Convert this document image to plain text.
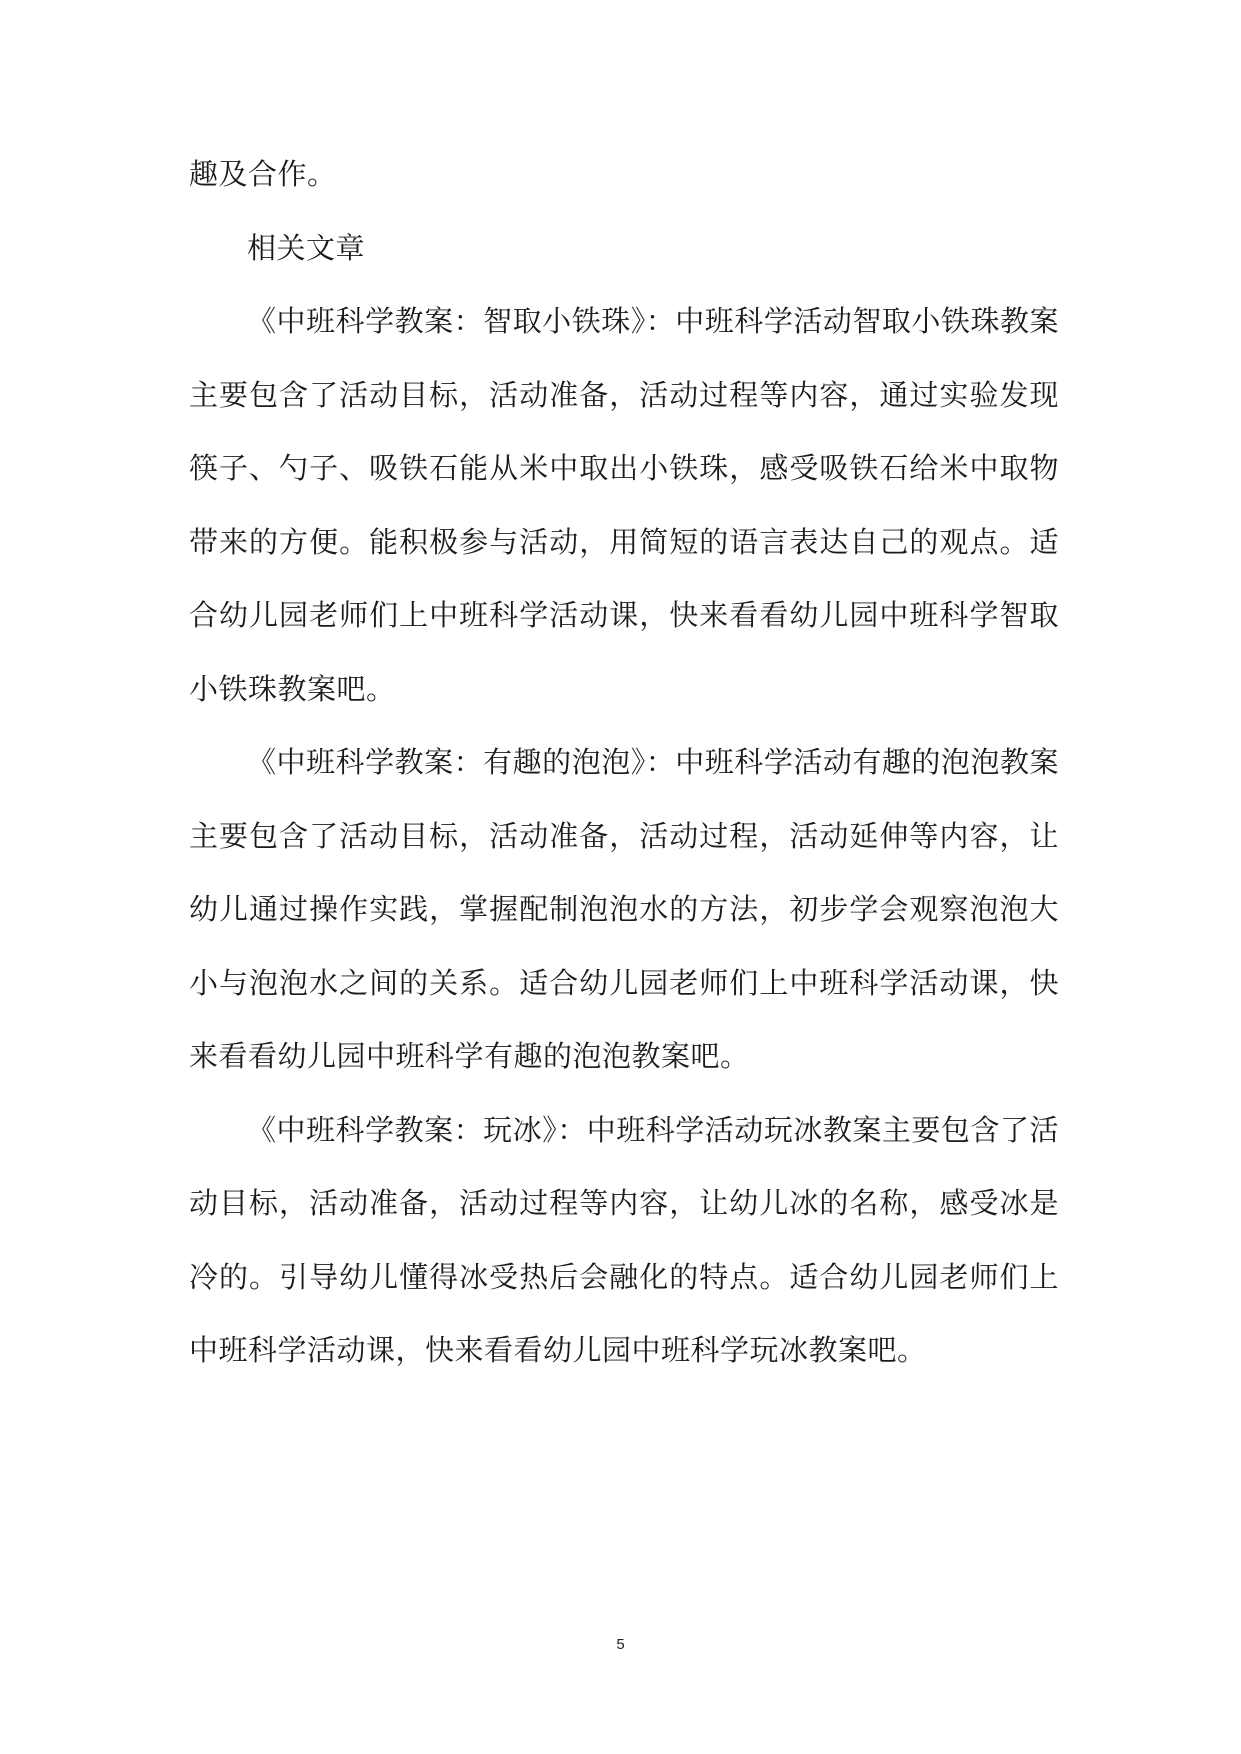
趣及合作。

相关文章

《中班科学教案：智取小铁珠》：中班科学活动智取小铁珠教案主要包含了活动目标，活动准备，活动过程等内容，通过实验发现筷子、勺子、吸铁石能从米中取出小铁珠，感受吸铁石给米中取物带来的方便。能积极参与活动，用简短的语言表达自己的观点。适合幼儿园老师们上中班科学活动课，快来看看幼儿园中班科学智取小铁珠教案吧。

《中班科学教案：有趣的泡泡》：中班科学活动有趣的泡泡教案主要包含了活动目标，活动准备，活动过程，活动延伸等内容，让幼儿通过操作实践，掌握配制泡泡水的方法，初步学会观察泡泡大小与泡泡水之间的关系。适合幼儿园老师们上中班科学活动课，快来看看幼儿园中班科学有趣的泡泡教案吧。

《中班科学教案：玩冰》：中班科学活动玩冰教案主要包含了活动目标，活动准备，活动过程等内容，让幼儿冰的名称，感受冰是冷的。引导幼儿懂得冰受热后会融化的特点。适合幼儿园老师们上中班科学活动课，快来看看幼儿园中班科学玩冰教案吧。

5
